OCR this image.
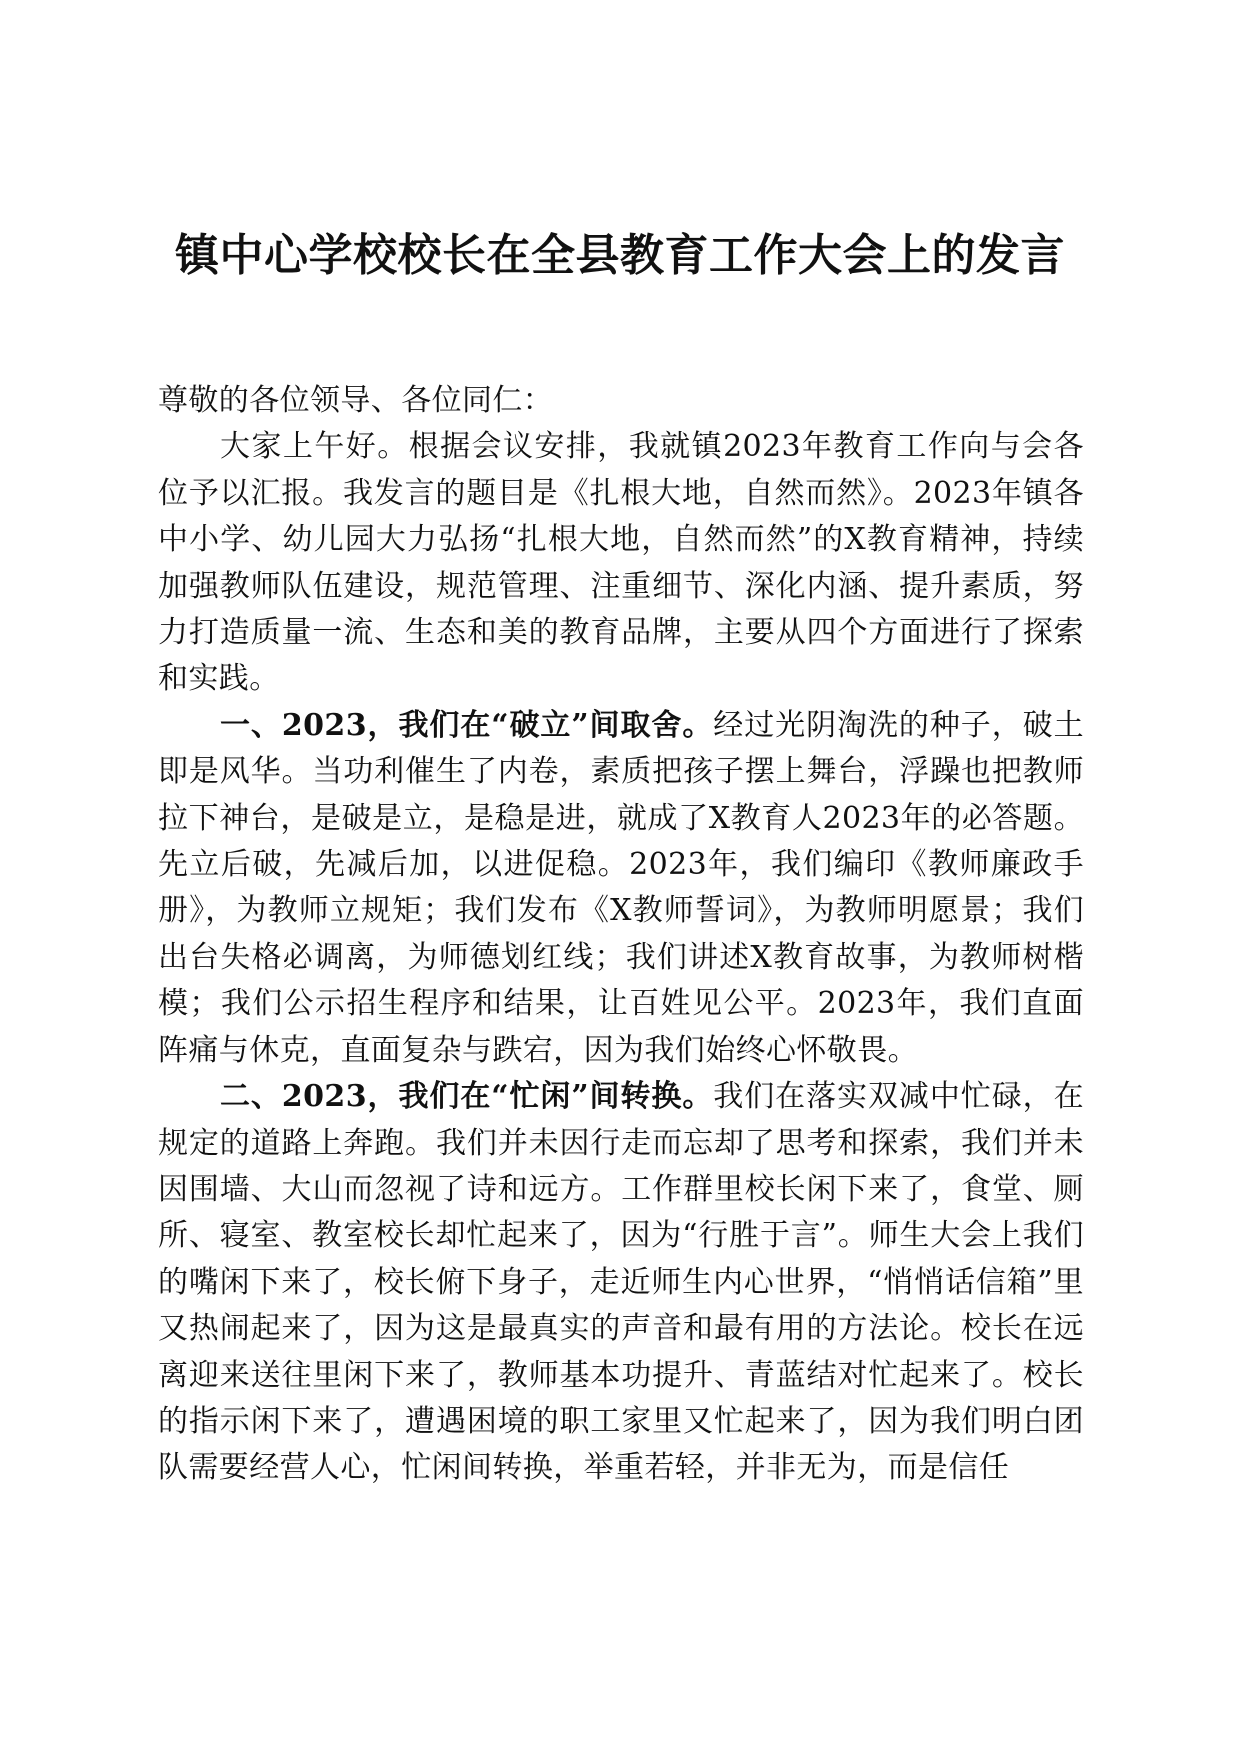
镇中心学校校长在全县教育工作大会上的发言

尊敬的各位领导、各位同仁：

大家上午好。根据会议安排，我就镇2023年教育工作向与会各位予以汇报。我发言的题目是《扎根大地，自然而然》。2023年镇各中小学、幼儿园大力弘扬“扎根大地，自然而然”的X教育精神，持续加强教师队伍建设，规范管理、注重细节、深化内涵、提升素质，努力打造质量一流、生态和美的教育品牌，主要从四个方面进行了探索和实践。

一、2023，我们在“破立”间取舍。经过光阴淘洗的种子，破土即是风华。当功利催生了内卷，素质把孩子摆上舞台，浮躁也把教师拉下神台，是破是立，是稳是进，就成了X教育人2023年的必答题。先立后破，先减后加，以进促稳。2023年，我们编印《教师廉政手册》，为教师立规矩；我们发布《X教师誓词》，为教师明愿景；我们出台失格必调离，为师德划红线；我们讲述X教育故事，为教师树楷模；我们公示招生程序和结果，让百姓见公平。2023年，我们直面阵痛与休克，直面复杂与跌宕，因为我们始终心怀敬畏。

二、2023，我们在“忙闲”间转换。我们在落实双减中忙碌，在规定的道路上奔跑。我们并未因行走而忘却了思考和探索，我们并未因围墙、大山而忽视了诗和远方。工作群里校长闲下来了，食堂、厕所、寝室、教室校长却忙起来了，因为“行胜于言”。师生大会上我们的嘴闲下来了，校长俯下身子，走近师生内心世界，“悄悄话信箱”里又热闹起来了，因为这是最真实的声音和最有用的方法论。校长在远离迎来送往里闲下来了，教师基本功提升、青蓝结对忙起来了。校长的指示闲下来了，遭遇困境的职工家里又忙起来了，因为我们明白团队需要经营人心，忙闲间转换，举重若轻，并非无为，而是信任
